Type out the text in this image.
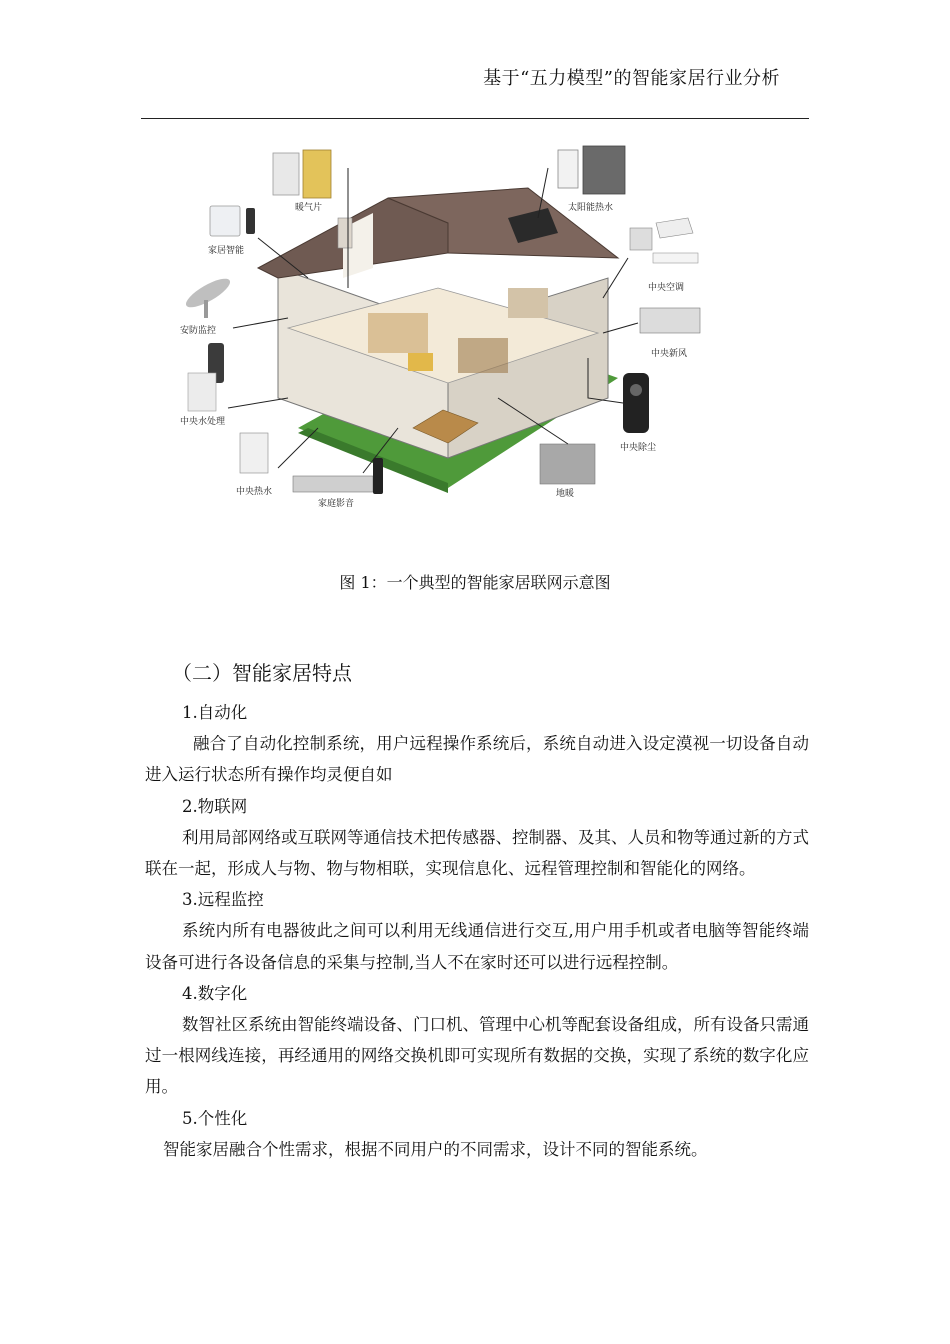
基于“五力模型”的智能家居行业分析
暖气片	太阳能热水
家居智能
中央空调
安防监控
中央新风
中央水处理
中央除尘
中央热水
家庭影音
地暖
图 1：一个典型的智能家居联网示意图
（二）智能家居特点
1.自动化
融合了自动化控制系统，用户远程操作系统后，系统自动进入设定漠视一切设备自动进入运行状态所有操作均灵便自如
2.物联网
利用局部网络或互联网等通信技术把传感器、控制器、及其、人员和物等通过新的方式联在一起，形成人与物、物与物相联，实现信息化、远程管理控制和智能化的网络。
3.远程监控
系统内所有电器彼此之间可以利用无线通信进行交互,用户用手机或者电脑等智能终端设备可进行各设备信息的采集与控制,当人不在家时还可以进行远程控制。
4.数字化
数智社区系统由智能终端设备、门口机、管理中心机等配套设备组成，所有设备只需通过一根网线连接，再经通用的网络交换机即可实现所有数据的交换，实现了系统的数字化应用。
5.个性化
智能家居融合个性需求，根据不同用户的不同需求，设计不同的智能系统。
